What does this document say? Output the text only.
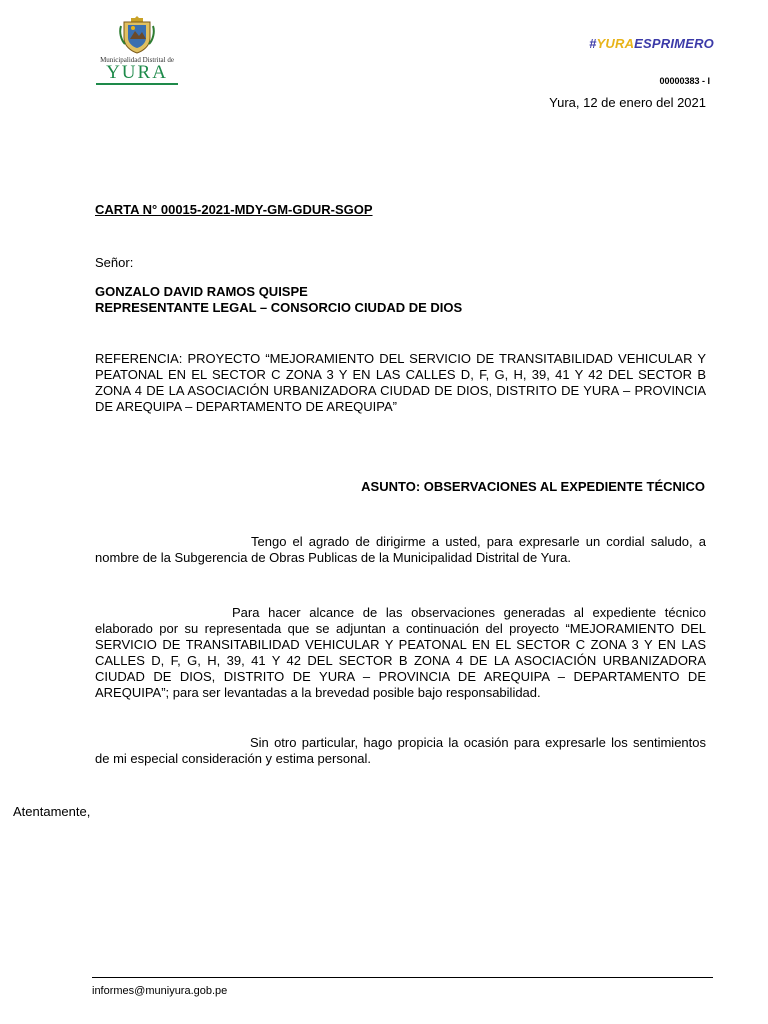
Municipalidad Distrital de
YURA
#YURAESPRIMERO
00000383 - I
Yura, 12 de enero del 2021
CARTA N° 00015-2021-MDY-GM-GDUR-SGOP
Señor:
GONZALO DAVID RAMOS QUISPE
REPRESENTANTE LEGAL – CONSORCIO CIUDAD DE DIOS
REFERENCIA: PROYECTO “MEJORAMIENTO DEL SERVICIO DE TRANSITABILIDAD VEHICULAR Y PEATONAL EN EL SECTOR C ZONA 3 Y EN LAS CALLES D, F, G, H, 39, 41 Y 42 DEL SECTOR B ZONA 4 DE LA ASOCIACIÓN URBANIZADORA CIUDAD DE DIOS, DISTRITO DE YURA – PROVINCIA DE AREQUIPA – DEPARTAMENTO DE AREQUIPA”
ASUNTO: OBSERVACIONES AL EXPEDIENTE TÉCNICO
Tengo el agrado de dirigirme a usted, para expresarle un cordial saludo, a nombre de la Subgerencia de Obras Publicas de la Municipalidad Distrital de Yura.
Para hacer alcance de las observaciones generadas al expediente técnico elaborado por su representada que se adjuntan a continuación del proyecto “MEJORAMIENTO DEL SERVICIO DE TRANSITABILIDAD VEHICULAR Y PEATONAL EN EL SECTOR C ZONA 3 Y EN LAS CALLES D, F, G, H, 39, 41 Y 42 DEL SECTOR B ZONA 4 DE LA ASOCIACIÓN URBANIZADORA CIUDAD DE DIOS, DISTRITO DE YURA – PROVINCIA DE AREQUIPA – DEPARTAMENTO DE AREQUIPA”; para ser levantadas a la brevedad posible bajo responsabilidad.
Sin otro particular, hago propicia la ocasión para expresarle los sentimientos de mi especial consideración y estima personal.
Atentamente,
informes@muniyura.gob.pe
